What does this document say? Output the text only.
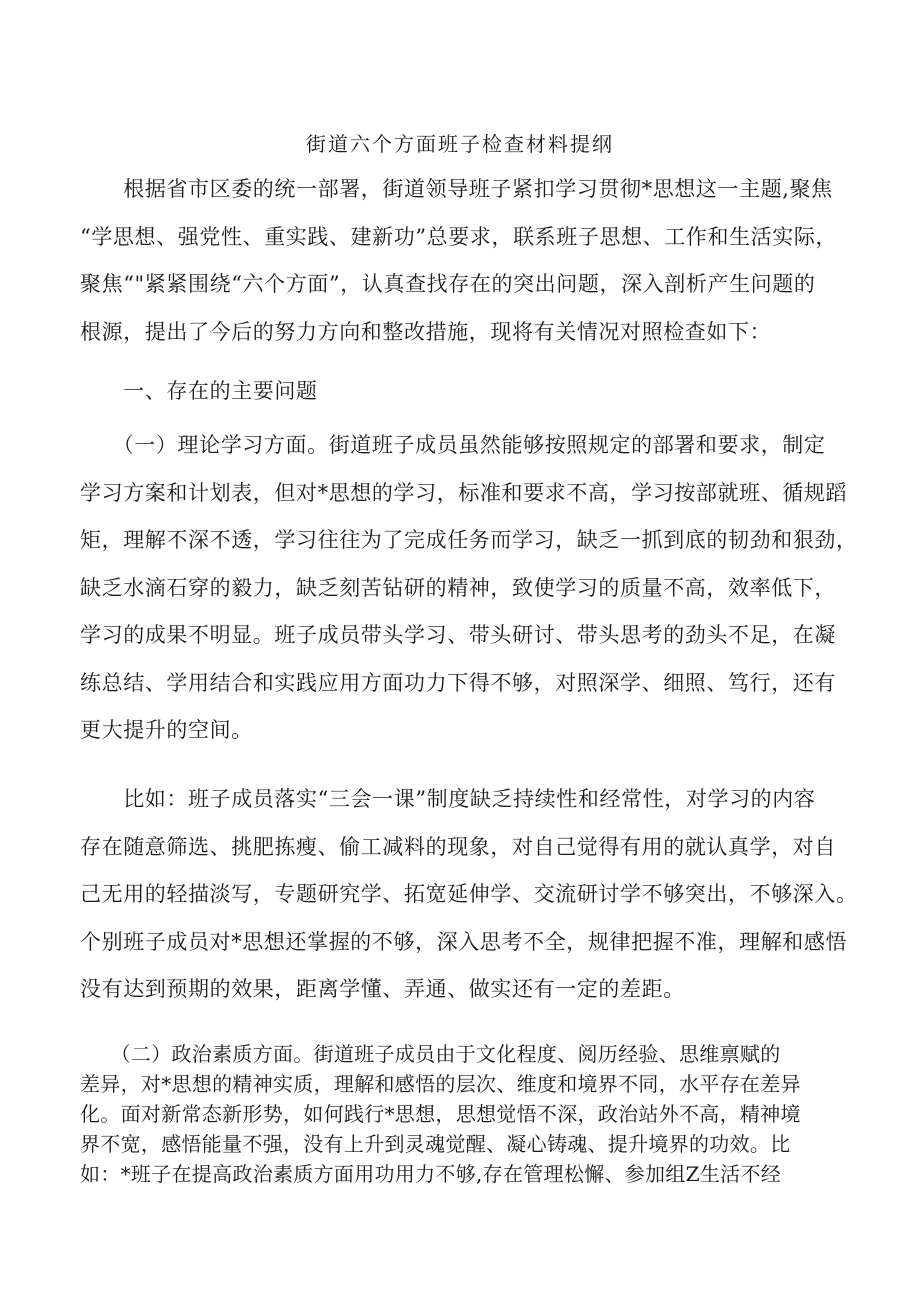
街道六个方面班子检查材料提纲
　　根据省市区委的统一部署，街道领导班子紧扣学习贯彻*思想这一主题,聚焦
“学思想、强党性、重实践、建新功”总要求，联系班子思想、工作和生活实际，
聚焦“"紧紧围绕“六个方面”，认真查找存在的突出问题，深入剖析产生问题的
根源，提出了今后的努力方向和整改措施，现将有关情况对照检查如下：
　　一、存在的主要问题
　　（一）理论学习方面。街道班子成员虽然能够按照规定的部署和要求，制定
学习方案和计划表，但对*思想的学习，标准和要求不高，学习按部就班、循规蹈
矩，理解不深不透，学习往往为了完成任务而学习，缺乏一抓到底的韧劲和狠劲，
缺乏水滴石穿的毅力，缺乏刻苦钻研的精神，致使学习的质量不高，效率低下，
学习的成果不明显。班子成员带头学习、带头研讨、带头思考的劲头不足，在凝
练总结、学用结合和实践应用方面功力下得不够，对照深学、细照、笃行，还有
更大提升的空间。
　　比如：班子成员落实“三会一课”制度缺乏持续性和经常性，对学习的内容
存在随意筛选、挑肥拣瘦、偷工减料的现象，对自己觉得有用的就认真学，对自
己无用的轻描淡写，专题研究学、拓宽延伸学、交流研讨学不够突出，不够深入。
个别班子成员对*思想还掌握的不够，深入思考不全，规律把握不准，理解和感悟
没有达到预期的效果，距离学懂、弄通、做实还有一定的差距。
　　（二）政治素质方面。街道班子成员由于文化程度、阅历经验、思维禀赋的
差异，对*思想的精神实质，理解和感悟的层次、维度和境界不同，水平存在差异
化。面对新常态新形势，如何践行*思想，思想觉悟不深，政治站外不高，精神境
界不宽，感悟能量不强，没有上升到灵魂觉醒、凝心铸魂、提升境界的功效。比
如：*班子在提高政治素质方面用功用力不够,存在管理松懈、参加组Z生活不经
